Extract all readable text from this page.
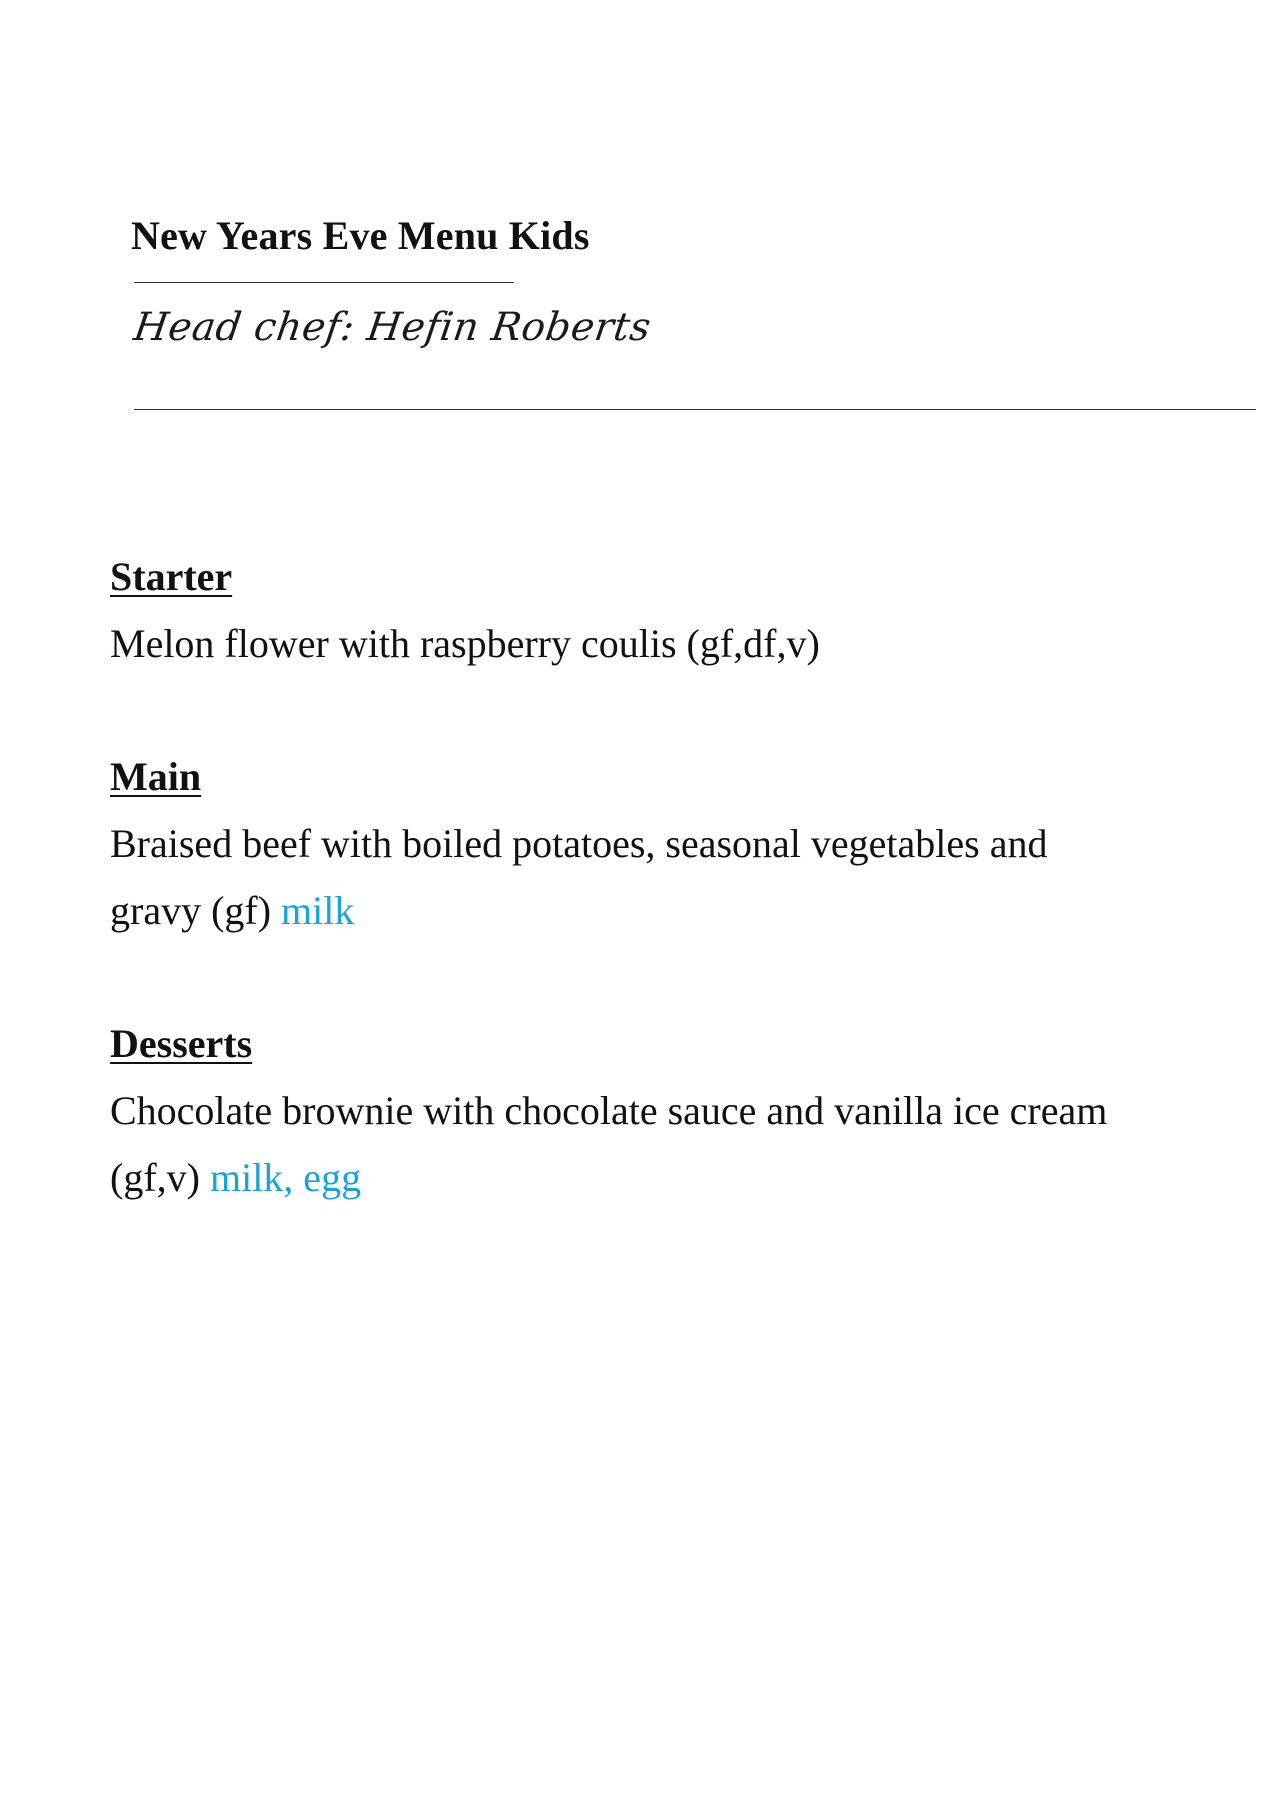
New Years Eve Menu Kids
Head chef: Hefin Roberts

Starter

Melon flower with raspberry coulis (gf,df,v)

Main

Braised beef with boiled potatoes, seasonal vegetables and gravy (gf) milk

Desserts

Chocolate brownie with chocolate sauce and vanilla ice cream (gf,v) milk, egg
